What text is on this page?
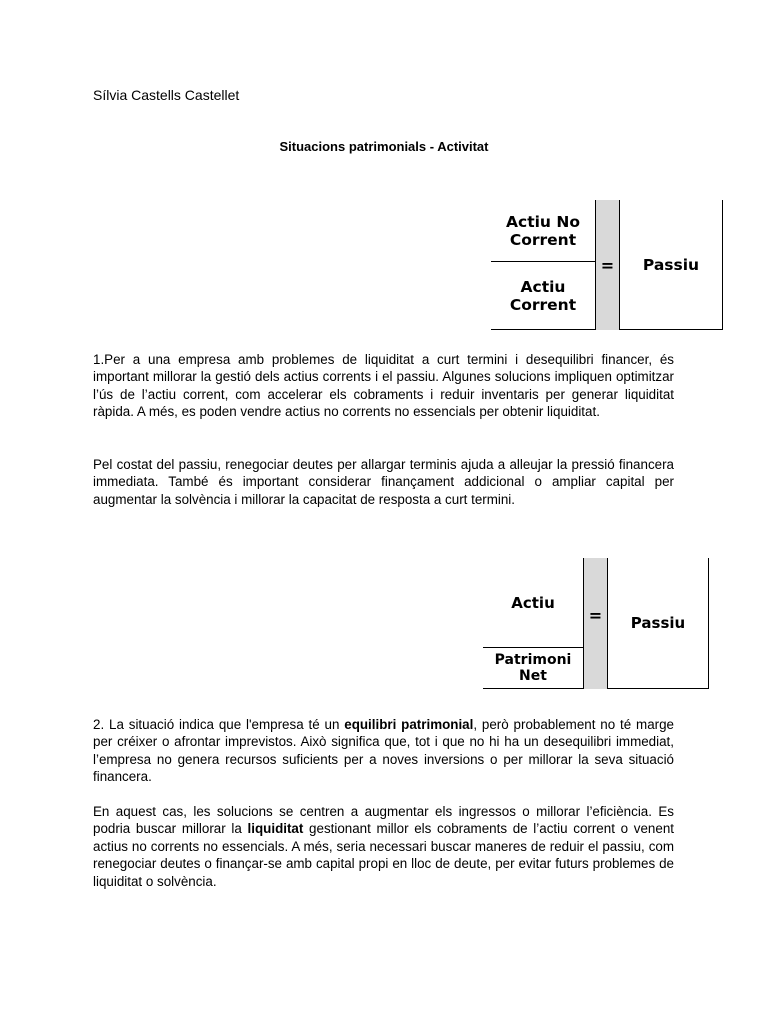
Sílvia Castells Castellet
Situacions patrimonials - Activitat
Actiu No Corrent
Actiu Corrent
= Passiu

1.Per a una empresa amb problemes de liquiditat a curt termini i desequilibri financer, és important millorar la gestió dels actius corrents i el passiu. Algunes solucions impliquen optimitzar l’ús de l’actiu corrent, com accelerar els cobraments i reduir inventaris per generar liquiditat ràpida. A més, es poden vendre actius no corrents no essencials per obtenir liquiditat.

Pel costat del passiu, renegociar deutes per allargar terminis ajuda a alleujar la pressió financera immediata. També és important considerar finançament addicional o ampliar capital per augmentar la solvència i millorar la capacitat de resposta a curt termini.

Actiu
Patrimoni Net
= Passiu

2. La situació indica que l'empresa té un equilibri patrimonial, però probablement no té marge per créixer o afrontar imprevistos. Això significa que, tot i que no hi ha un desequilibri immediat, l’empresa no genera recursos suficients per a noves inversions o per millorar la seva situació financera.

En aquest cas, les solucions se centren a augmentar els ingressos o millorar l’eficiència. Es podria buscar millorar la liquiditat gestionant millor els cobraments de l’actiu corrent o venent actius no corrents no essencials. A més, seria necessari buscar maneres de reduir el passiu, com renegociar deutes o finançar-se amb capital propi en lloc de deute, per evitar futurs problemes de liquiditat o solvència.
